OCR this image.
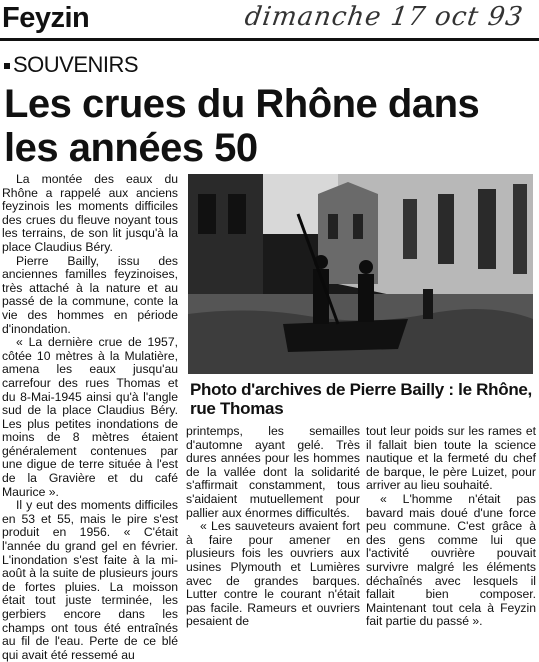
Feyzin	dimanche 17 oct 93
SOUVENIRS
Les crues du Rhône dans les années 50

La montée des eaux du Rhône a rappelé aux anciens feyzinois les moments difficiles des crues du fleuve noyant tous les terrains, de son lit jusqu'à la place Claudius Béry.

Pierre Bailly, issu des anciennes familles feyzinoises, très attaché à la nature et au passé de la commune, conte la vie des hommes en période d'inondation.

« La dernière crue de 1957, côtée 10 mètres à la Mulatière, amena les eaux jusqu'au carrefour des rues Thomas et du 8-Mai-1945 ainsi qu'à l'angle sud de la place Claudius Béry. Les plus petites inondations de moins de 8 mètres étaient généralement contenues par une digue de terre située à l'est de la Gravière et du café Maurice ».

Il y eut des moments difficiles en 53 et 55, mais le pire s'est produit en 1956. « C'était l'année du grand gel en février. L'inondation s'est faite à la mi-août à la suite de plusieurs jours de fortes pluies. La moisson était tout juste terminée, les gerbiers encore dans les champs ont tous été entraînés au fil de l'eau. Perte de ce blé qui avait été ressemé au

Photo d'archives de Pierre Bailly : le Rhône, rue Thomas

printemps, les semailles d'automne ayant gelé. Très dures années pour les hommes de la vallée dont la solidarité s'affirmait constamment, tous s'aidaient mutuellement pour pallier aux énormes difficultés.

« Les sauveteurs avaient fort à faire pour amener en plusieurs fois les ouvriers aux usines Plymouth et Lumières avec de grandes barques. Lutter contre le courant n'était pas facile. Rameurs et ouvriers pesaient de

tout leur poids sur les rames et il fallait bien toute la science nautique et la fermeté du chef de barque, le père Luizet, pour arriver au lieu souhaité.

« L'homme n'était pas bavard mais doué d'une force peu commune. C'est grâce à des gens comme lui que l'activité ouvrière pouvait survivre malgré les éléments déchaînés avec lesquels il fallait bien composer. Maintenant tout cela à Feyzin fait partie du passé ».
